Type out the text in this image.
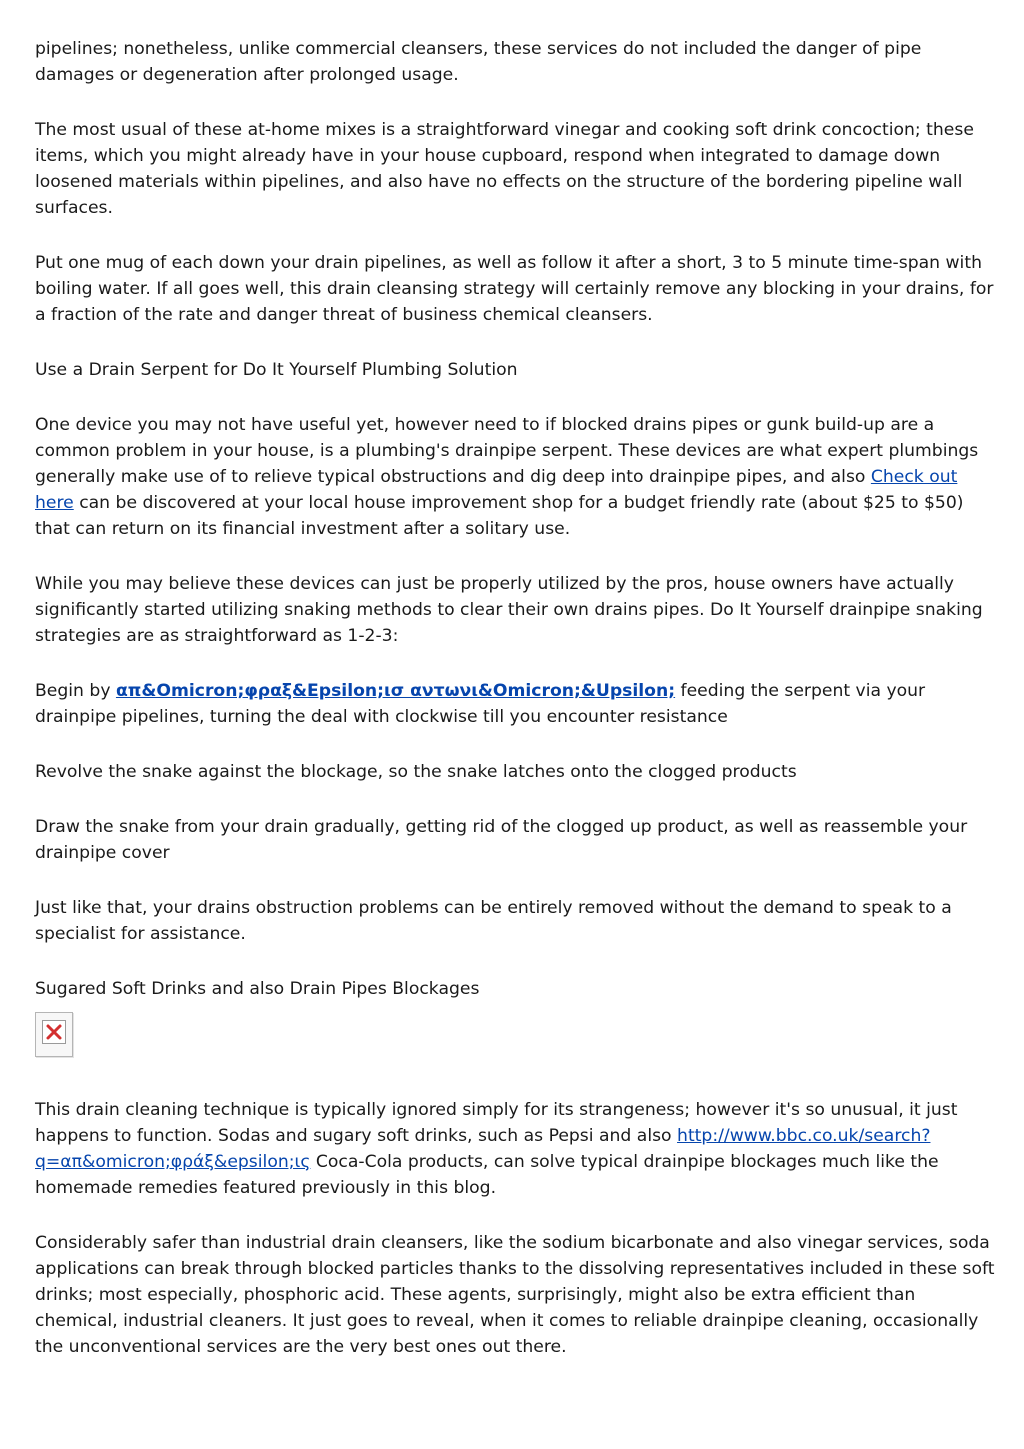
pipelines; nonetheless, unlike commercial cleansers, these services do not included the danger of pipe damages or degeneration after prolonged usage.

The most usual of these at-home mixes is a straightforward vinegar and cooking soft drink concoction; these items, which you might already have in your house cupboard, respond when integrated to damage down loosened materials within pipelines, and also have no effects on the structure of the bordering pipeline wall surfaces.

Put one mug of each down your drain pipelines, as well as follow it after a short, 3 to 5 minute time-span with boiling water. If all goes well, this drain cleansing strategy will certainly remove any blocking in your drains, for a fraction of the rate and danger threat of business chemical cleansers.

Use a Drain Serpent for Do It Yourself Plumbing Solution

One device you may not have useful yet, however need to if blocked drains pipes or gunk build-up are a common problem in your house, is a plumbing's drainpipe serpent. These devices are what expert plumbings generally make use of to relieve typical obstructions and dig deep into drainpipe pipes, and also Check out here can be discovered at your local house improvement shop for a budget friendly rate (about $25 to $50) that can return on its financial investment after a solitary use.

While you may believe these devices can just be properly utilized by the pros, house owners have actually significantly started utilizing snaking methods to clear their own drains pipes. Do It Yourself drainpipe snaking strategies are as straightforward as 1-2-3:

Begin by απ&Omicron;φραξ&Epsilon;ισ αντωνι&Omicron;&Upsilon; feeding the serpent via your drainpipe pipelines, turning the deal with clockwise till you encounter resistance

Revolve the snake against the blockage, so the snake latches onto the clogged products

Draw the snake from your drain gradually, getting rid of the clogged up product, as well as reassemble your drainpipe cover

Just like that, your drains obstruction problems can be entirely removed without the demand to speak to a specialist for assistance.

Sugared Soft Drinks and also Drain Pipes Blockages

This drain cleaning technique is typically ignored simply for its strangeness; however it's so unusual, it just happens to function. Sodas and sugary soft drinks, such as Pepsi and also http://www.bbc.co.uk/search?q=απ&omicron;φράξ&epsilon;ις Coca-Cola products, can solve typical drainpipe blockages much like the homemade remedies featured previously in this blog.

Considerably safer than industrial drain cleansers, like the sodium bicarbonate and also vinegar services, soda applications can break through blocked particles thanks to the dissolving representatives included in these soft drinks; most especially, phosphoric acid. These agents, surprisingly, might also be extra efficient than chemical, industrial cleaners. It just goes to reveal, when it comes to reliable drainpipe cleaning, occasionally the unconventional services are the very best ones out there.
